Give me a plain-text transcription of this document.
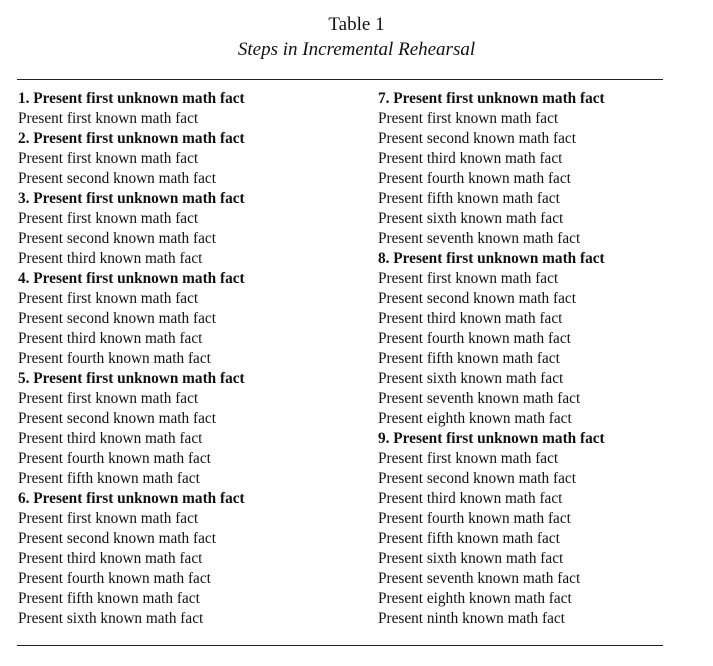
Table 1
Steps in Incremental Rehearsal
1. Present first unknown math fact
Present first known math fact
2. Present first unknown math fact
Present first known math fact
Present second known math fact
3. Present first unknown math fact
Present first known math fact
Present second known math fact
Present third known math fact
4. Present first unknown math fact
Present first known math fact
Present second known math fact
Present third known math fact
Present fourth known math fact
5. Present first unknown math fact
Present first known math fact
Present second known math fact
Present third known math fact
Present fourth known math fact
Present fifth known math fact
6. Present first unknown math fact
Present first known math fact
Present second known math fact
Present third known math fact
Present fourth known math fact
Present fifth known math fact
Present sixth known math fact
7. Present first unknown math fact
Present first known math fact
Present second known math fact
Present third known math fact
Present fourth known math fact
Present fifth known math fact
Present sixth known math fact
Present seventh known math fact
8. Present first unknown math fact
Present first known math fact
Present second known math fact
Present third known math fact
Present fourth known math fact
Present fifth known math fact
Present sixth known math fact
Present seventh known math fact
Present eighth known math fact
9. Present first unknown math fact
Present first known math fact
Present second known math fact
Present third known math fact
Present fourth known math fact
Present fifth known math fact
Present sixth known math fact
Present seventh known math fact
Present eighth known math fact
Present ninth known math fact
